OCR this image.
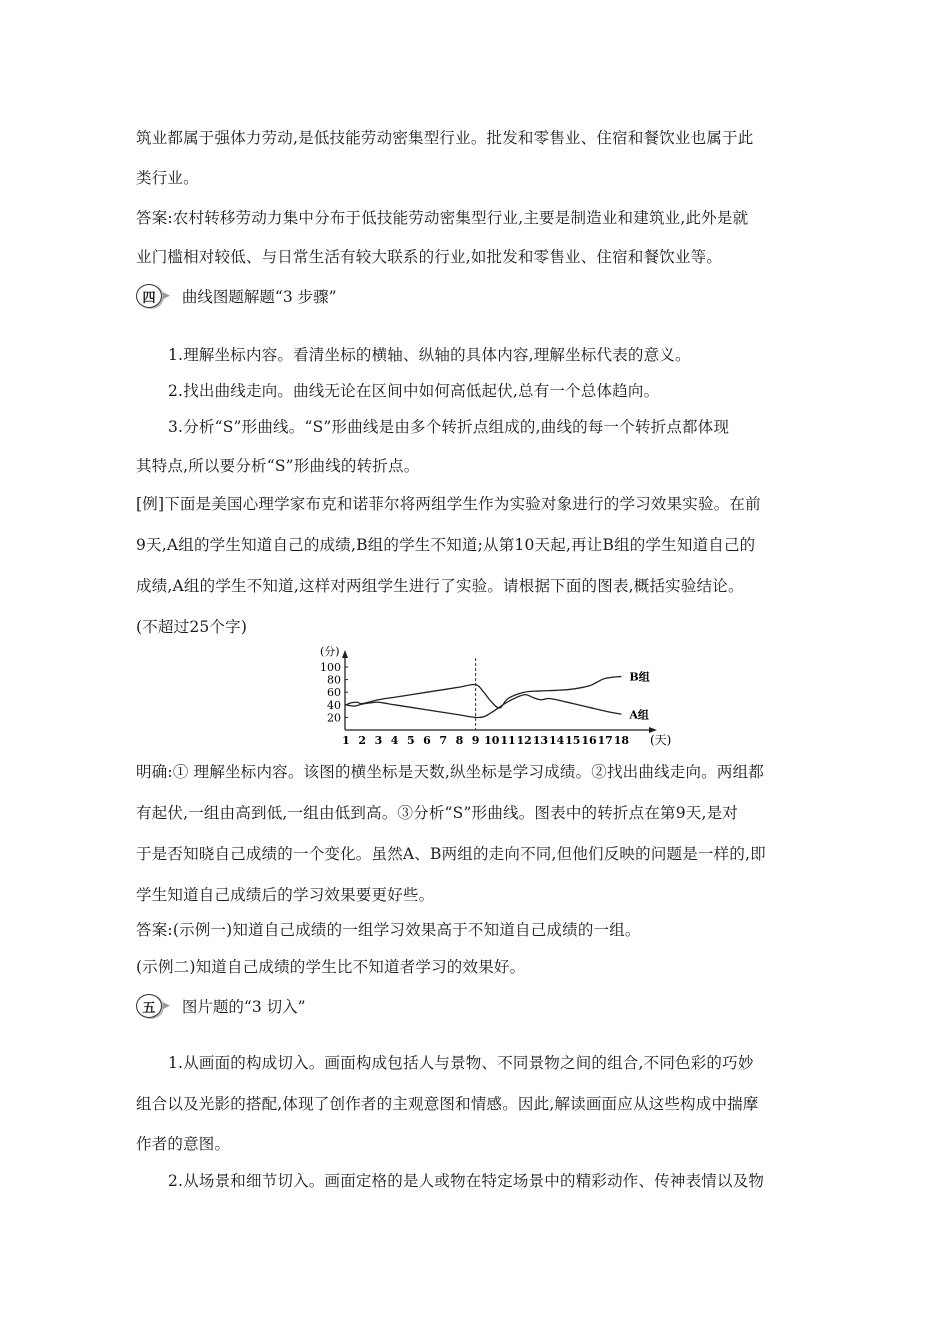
筑业都属于强体力劳动,是低技能劳动密集型行业。批发和零售业、住宿和餐饮业也属于此
类行业。
答案:农村转移劳动力集中分布于低技能劳动密集型行业,主要是制造业和建筑业,此外是就
业门槛相对较低、与日常生活有较大联系的行业,如批发和零售业、住宿和餐饮业等。
四 ▶ 曲线图题解题“3 步骤”
1.理解坐标内容。看清坐标的横轴、纵轴的具体内容,理解坐标代表的意义。
2.找出曲线走向。曲线无论在区间中如何高低起伏,总有一个总体趋向。
3.分析“S”形曲线。“S”形曲线是由多个转折点组成的,曲线的每一个转折点都体现
其特点,所以要分析“S”形曲线的转折点。
[例]下面是美国心理学家布克和诺菲尔将两组学生作为实验对象进行的学习效果实验。在前
9天,A组的学生知道自己的成绩,B组的学生不知道;从第10天起,再让B组的学生知道自己的
成绩,A组的学生不知道,这样对两组学生进行了实验。请根据下面的图表,概括实验结论。
(不超过25个字)
(分)
(天)
100
80
60
40
20
1 2 3 4 5 6 7 8 9 10 11 12 13 14 15 16 17 18
B组
A组
明确:① 理解坐标内容。该图的横坐标是天数,纵坐标是学习成绩。②找出曲线走向。两组都
有起伏,一组由高到低,一组由低到高。③分析“S”形曲线。图表中的转折点在第9天,是对
于是否知晓自己成绩的一个变化。虽然A、B两组的走向不同,但他们反映的问题是一样的,即
学生知道自己成绩后的学习效果要更好些。
答案:(示例一)知道自己成绩的一组学习效果高于不知道自己成绩的一组。
(示例二)知道自己成绩的学生比不知道者学习的效果好。
五 ▶ 图片题的“3 切入”
1.从画面的构成切入。画面构成包括人与景物、不同景物之间的组合,不同色彩的巧妙
组合以及光影的搭配,体现了创作者的主观意图和情感。因此,解读画面应从这些构成中揣摩
作者的意图。
2.从场景和细节切入。画面定格的是人或物在特定场景中的精彩动作、传神表情以及物
